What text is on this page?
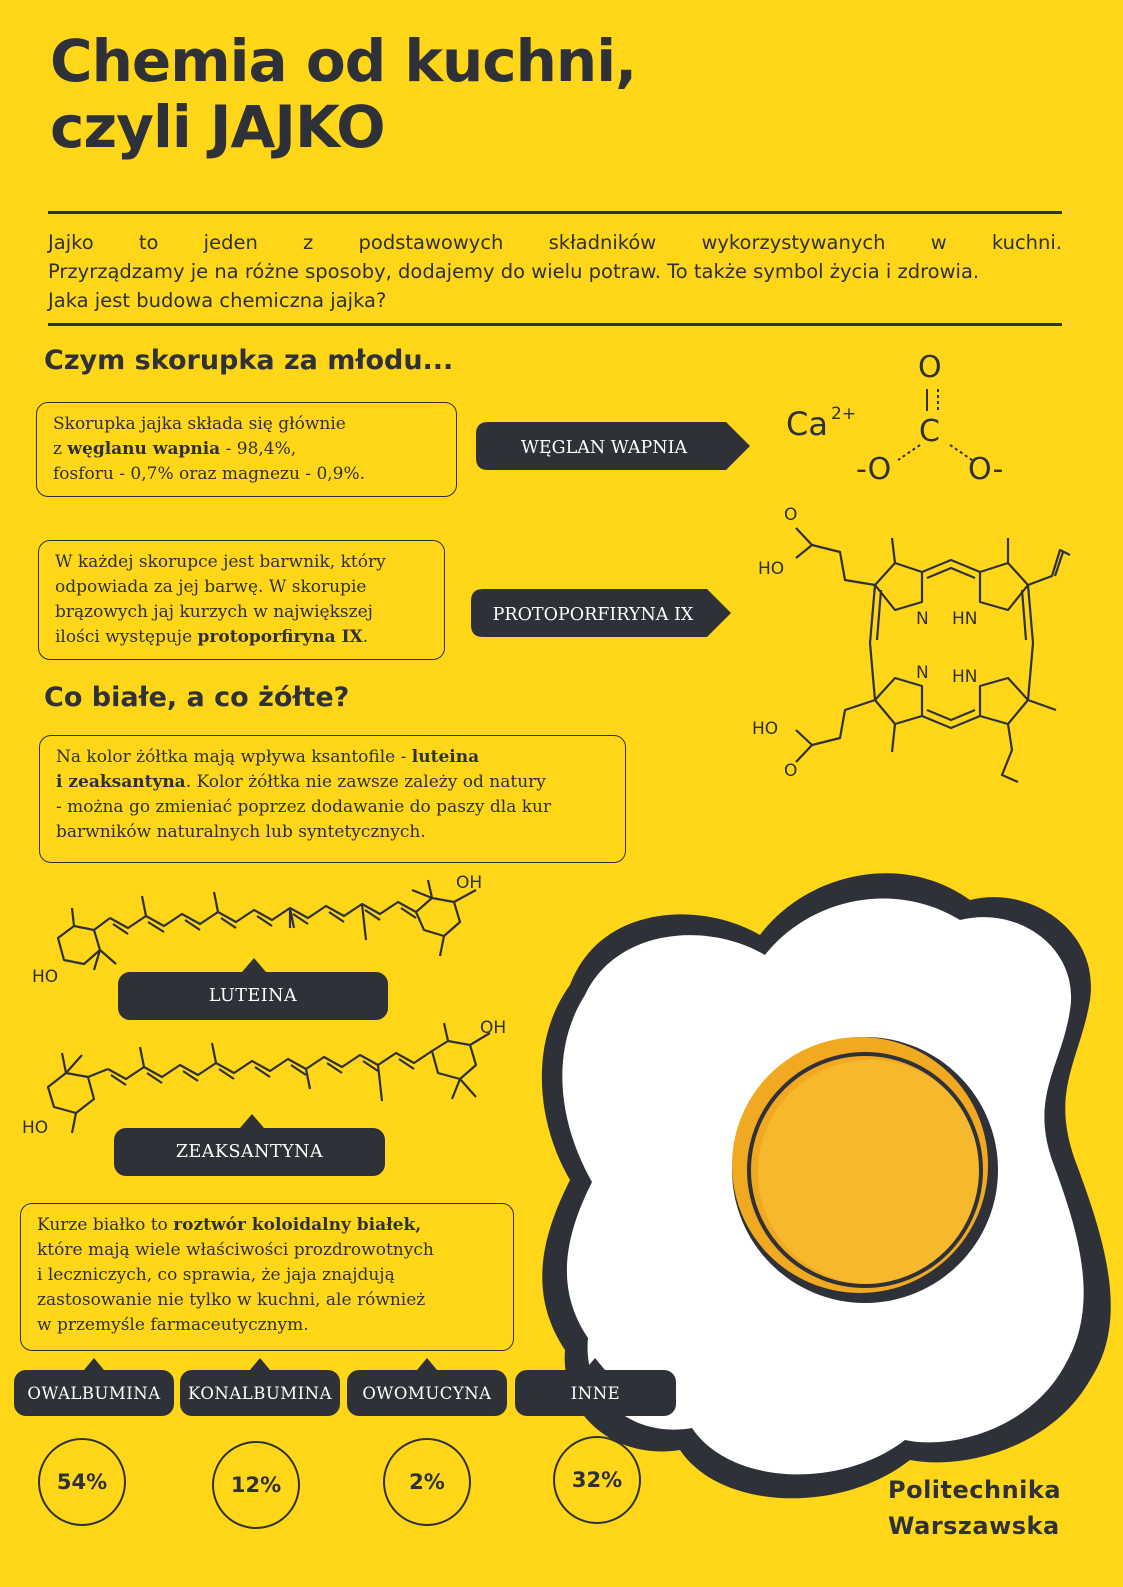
Chemia od kuchni,
czyli JAJKO

Jajko to jeden z podstawowych składników wykorzystywanych w kuchni.
Przyrządzamy je na różne sposoby, dodajemy do wielu potraw. To także symbol życia i zdrowia.
Jaka jest budowa chemiczna jajka?

Czym skorupka za młodu...
Skorupka jajka składa się głównie
z węglanu wapnia - 98,4%,
fosforu - 0,7% oraz magnezu - 0,9%.
WĘGLAN WAPNIA
Ca 2+
O
C
-O	O-
W każdej skorupce jest barwnik, który
odpowiada za jej barwę. W skorupie
brązowych jaj kurzych w największej
ilości występuje protoporfiryna IX.
PROTOPORFIRYNA IX
O
HO
HO
O
N HN
N HN
Co białe, a co żółte?
Na kolor żółtka mają wpływa ksantofile - luteina
i zeaksantyna. Kolor żółtka nie zawsze zależy od natury
- można go zmieniać poprzez dodawanie do paszy dla kur
barwników naturalnych lub syntetycznych.
HO
OH
LUTEINA
HO
OH
ZEAKSANTYNA
Kurze białko to roztwór koloidalny białek,
które mają wiele właściwości prozdrowotnych
i leczniczych, co sprawia, że jaja znajdują
zastosowanie nie tylko w kuchni, ale również
w przemyśle farmaceutycznym.
OWALBUMINA	KONALBUMINA	OWOMUCYNA	INNE
54%	12%	2%	32%	Politechnika
Warszawska
